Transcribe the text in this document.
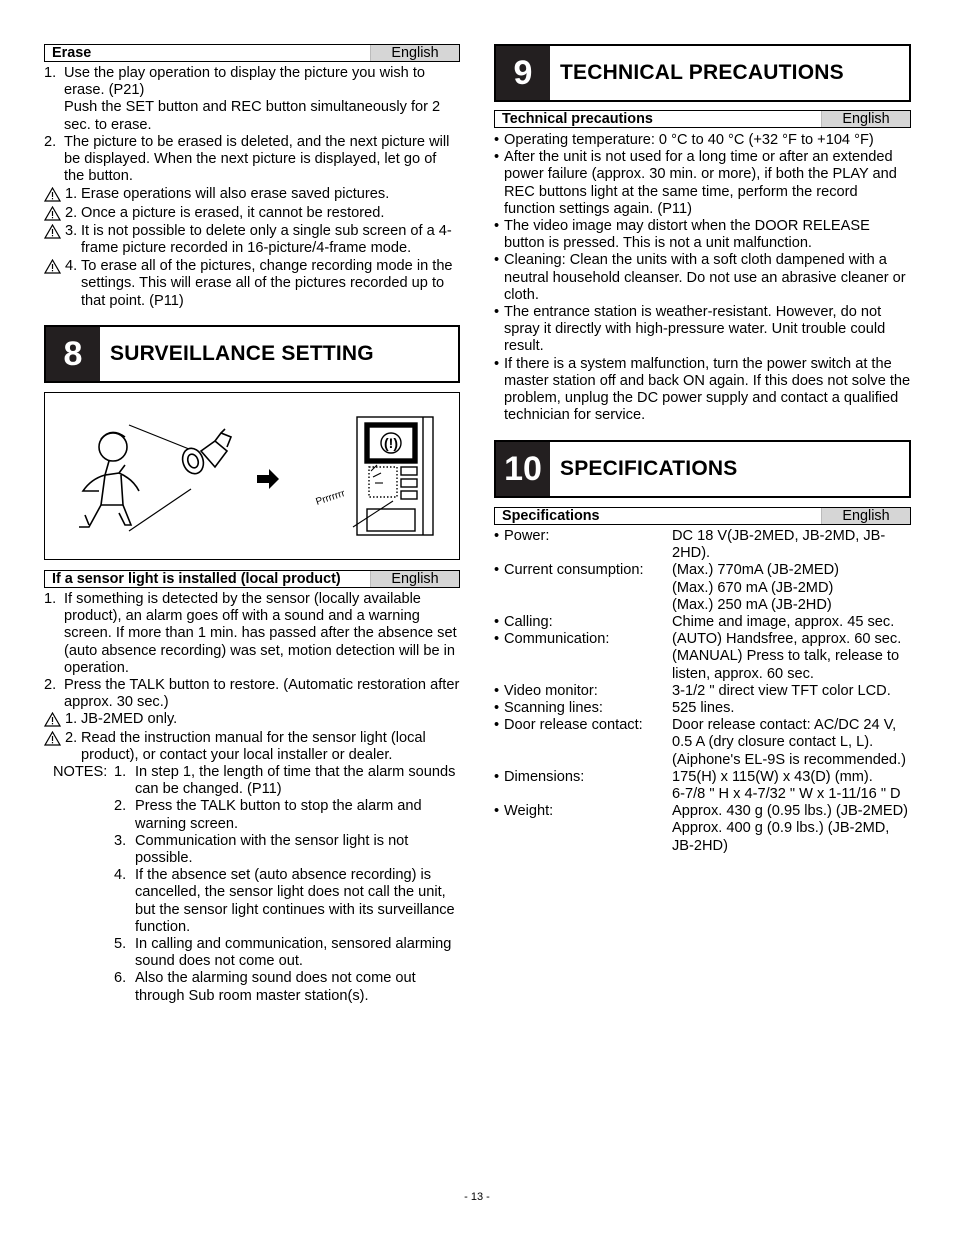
Erase	English
1. Use the play operation to display the picture you wish to erase. (P21)
Push the SET button and REC button simultaneously for 2 sec. to erase.
2. The picture to be erased is deleted, and the next picture will be displayed. When the next picture is displayed, let go of the button.
1. Erase operations will also erase saved pictures.
2. Once a picture is erased, it cannot be restored.
3. It is not possible to delete only a single sub screen of a 4-frame picture recorded in 16-picture/4-frame mode.
4. To erase all of the pictures, change recording mode in the settings. This will erase all of the pictures recorded up to that point. (P11)
8	SURVEILLANCE SETTING
Prrrrrrr
(!)
If a sensor light is installed (local product)	English
1. If something is detected by the sensor (locally available product), an alarm goes off with a sound and a warning screen. If more than 1 min. has passed after the absence set (auto absence recording) was set, motion detection will be in operation.
2. Press the TALK button to restore. (Automatic restoration after approx. 30 sec.)
1. JB-2MED only.
2. Read the instruction manual for the sensor light (local product), or contact your local installer or dealer.
NOTES: 1. In step 1, the length of time that the alarm sounds can be changed. (P11)
2. Press the TALK button to stop the alarm and warning screen.
3. Communication with the sensor light is not possible.
4. If the absence set (auto absence recording) is cancelled, the sensor light does not call the unit, but the sensor light continues with its surveillance function.
5. In calling and communication, sensored alarming sound does not come out.
6. Also the alarming sound does not come out through Sub room master station(s).
9	TECHNICAL PRECAUTIONS
Technical precautions	English
• Operating temperature: 0 °C to 40 °C (+32 °F to +104 °F)
• After the unit is not used for a long time or after an extended power failure (approx. 30 min. or more), if both the PLAY and REC buttons light at the same time, perform the record function settings again. (P11)
• The video image may distort when the DOOR RELEASE button is pressed. This is not a unit malfunction.
• Cleaning: Clean the units with a soft cloth dampened with a neutral household cleanser. Do not use an abrasive cleaner or cloth.
• The entrance station is weather-resistant. However, do not spray it directly with high-pressure water. Unit trouble could result.
• If there is a system malfunction, turn the power switch at the master station off and back ON again. If this does not solve the problem, unplug the DC power supply and contact a qualified technician for service.
10 SPECIFICATIONS
Specifications	English
• Power:	DC 18 V(JB-2MED, JB-2MD, JB-2HD).
• Current consumption:	(Max.) 770mA (JB-2MED)
(Max.) 670 mA (JB-2MD)
(Max.) 250 mA (JB-2HD)
• Calling:	Chime and image, approx. 45 sec.
• Communication:	(AUTO) Handsfree, approx. 60 sec.
(MANUAL) Press to talk, release to listen, approx. 60 sec.
• Video monitor:	3-1/2 " direct view TFT color LCD.
• Scanning lines:	525 lines.
• Door release contact:	Door release contact: AC/DC 24 V, 0.5 A (dry closure contact L, L). (Aiphone's EL-9S is recommended.)
• Dimensions:	175(H) x 115(W) x 43(D) (mm).
6-7/8 " H x 4-7/32 " W x 1-11/16 " D
• Weight:	Approx. 430 g (0.95 lbs.) (JB-2MED)
Approx. 400 g (0.9 lbs.) (JB-2MD, JB-2HD)
- 13 -
